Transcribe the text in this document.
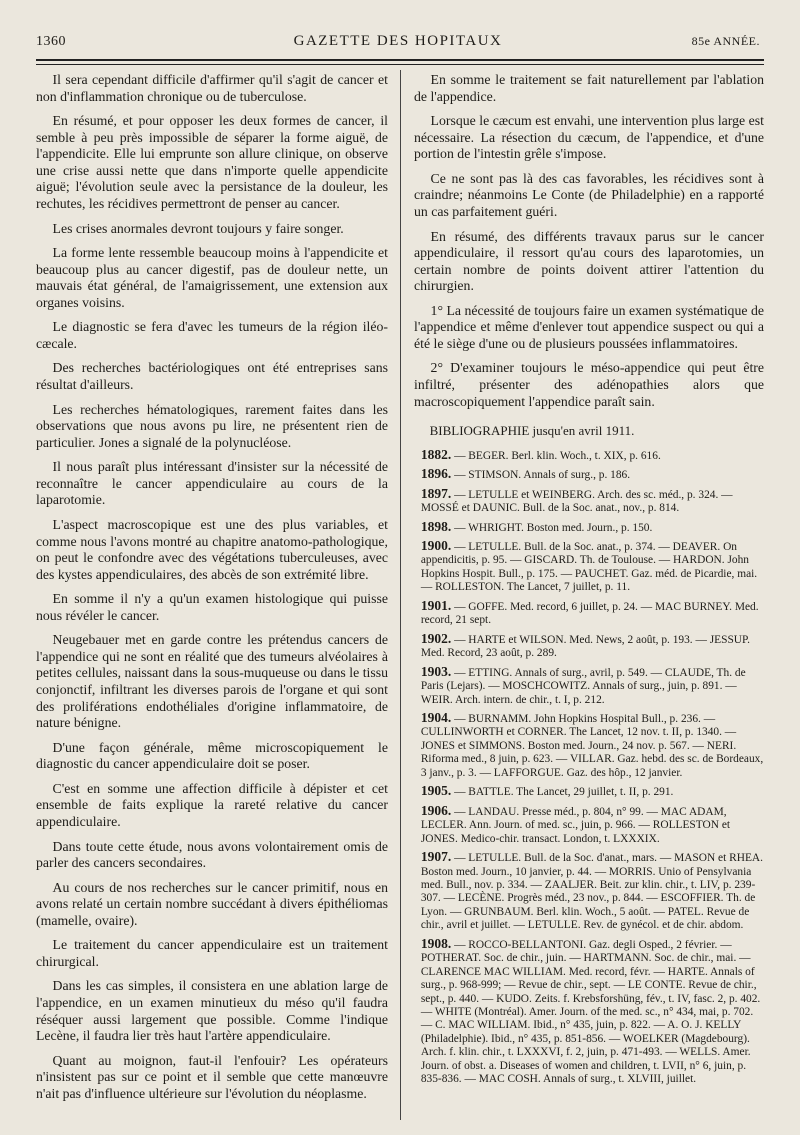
1360	GAZETTE DES HOPITAUX	85e ANNÉE.

Il sera cependant difficile d'affirmer qu'il s'agit de cancer et non d'inflammation chronique ou de tuberculose.

En résumé, et pour opposer les deux formes de cancer, il semble à peu près impossible de séparer la forme aiguë, de l'appendicite. Elle lui emprunte son allure clinique, on observe une crise aussi nette que dans n'importe quelle appendicite aiguë; l'évolution seule avec la persistance de la douleur, les rechutes, les récidives permettront de penser au cancer.

Les crises anormales devront toujours y faire songer.

La forme lente ressemble beaucoup moins à l'appendicite et beaucoup plus au cancer digestif, pas de douleur nette, un mauvais état général, de l'amaigrissement, une extension aux organes voisins.

Le diagnostic se fera d'avec les tumeurs de la région iléo-cæcale.

Des recherches bactériologiques ont été entreprises sans résultat d'ailleurs.

Les recherches hématologiques, rarement faites dans les observations que nous avons pu lire, ne présentent rien de particulier. Jones a signalé de la polynucléose.

Il nous paraît plus intéressant d'insister sur la nécessité de reconnaître le cancer appendiculaire au cours de la laparotomie.

L'aspect macroscopique est une des plus variables, et comme nous l'avons montré au chapitre anatomo-pathologique, on peut le confondre avec des végétations tuberculeuses, avec des kystes appendiculaires, des abcès de son extrémité libre.

En somme il n'y a qu'un examen histologique qui puisse nous révéler le cancer.

Neugebauer met en garde contre les prétendus cancers de l'appendice qui ne sont en réalité que des tumeurs alvéolaires à petites cellules, naissant dans la sous-muqueuse ou dans le tissu conjonctif, infiltrant les diverses parois de l'organe et qui sont des proliférations endothéliales d'origine inflammatoire, de nature bénigne.

D'une façon générale, même microscopiquement le diagnostic du cancer appendiculaire doit se poser.

C'est en somme une affection difficile à dépister et cet ensemble de faits explique la rareté relative du cancer appendiculaire.

Dans toute cette étude, nous avons volontairement omis de parler des cancers secondaires.

Au cours de nos recherches sur le cancer primitif, nous en avons relaté un certain nombre succédant à divers épithéliomas (mamelle, ovaire).

Le traitement du cancer appendiculaire est un traitement chirurgical.

Dans les cas simples, il consistera en une ablation large de l'appendice, en un examen minutieux du méso qu'il faudra réséquer aussi largement que possible. Comme l'indique Lecène, il faudra lier très haut l'artère appendiculaire.

Quant au moignon, faut-il l'enfouir? Les opérateurs n'insistent pas sur ce point et il semble que cette manœuvre n'ait pas d'influence ultérieure sur l'évolution du néoplasme.

En somme le traitement se fait naturellement par l'ablation de l'appendice.

Lorsque le cæcum est envahi, une intervention plus large est nécessaire. La résection du cæcum, de l'appendice, et d'une portion de l'intestin grêle s'impose.

Ce ne sont pas là des cas favorables, les récidives sont à craindre; néanmoins Le Conte (de Philadelphie) en a rapporté un cas parfaitement guéri.

En résumé, des différents travaux parus sur le cancer appendiculaire, il ressort qu'au cours des laparotomies, un certain nombre de points doivent attirer l'attention du chirurgien.

1° La nécessité de toujours faire un examen systématique de l'appendice et même d'enlever tout appendice suspect ou qui a été le siège d'une ou de plusieurs poussées inflammatoires.

2° D'examiner toujours le méso-appendice qui peut être infiltré, présenter des adénopathies alors que macroscopiquement l'appendice paraît sain.

BIBLIOGRAPHIE jusqu'en avril 1911.
1882. — BEGER. Berl. klin. Woch., t. XIX, p. 616.
1896. — STIMSON. Annals of surg., p. 186.
1897. — LETULLE et WEINBERG. Arch. des sc. méd., p. 324. — MOSSÉ et DAUNIC. Bull. de la Soc. anat., nov., p. 814.
1898. — WHRIGHT. Boston med. Journ., p. 150.
1900. — LETULLE. Bull. de la Soc. anat., p. 374. — DEAVER. On appendicitis, p. 95. — GISCARD. Th. de Toulouse. — HARDON. John Hopkins Hospit. Bull., p. 175. — PAUCHET. Gaz. méd. de Picardie, mai. — ROLLESTON. The Lancet, 7 juillet, p. 11.
1901. — GOFFE. Med. record, 6 juillet, p. 24. — MAC BURNEY. Med. record, 21 sept.
1902. — HARTE et WILSON. Med. News, 2 août, p. 193. — JESSUP. Med. Record, 23 août, p. 289.
1903. — ETTING. Annals of surg., avril, p. 549. — CLAUDE, Th. de Paris (Lejars). — MOSCHCOWITZ. Annals of surg., juin, p. 891. — WEIR. Arch. intern. de chir., t. I, p. 212.
1904. — BURNAMM. John Hopkins Hospital Bull., p. 236. — CULLINWORTH et CORNER. The Lancet, 12 nov. t. II, p. 1340. — JONES et SIMMONS. Boston med. Journ., 24 nov. p. 567. — NERI. Riforma med., 8 juin, p. 623. — VILLAR. Gaz. hebd. des sc. de Bordeaux, 3 janv., p. 3. — LAFFORGUE. Gaz. des hôp., 12 janvier.
1905. — BATTLE. The Lancet, 29 juillet, t. II, p. 291.
1906. — LANDAU. Presse méd., p. 804, n° 99. — MAC ADAM, LECLER. Ann. Journ. of med. sc., juin, p. 966. — ROLLESTON et JONES. Medico-chir. transact. London, t. LXXXIX.
1907. — LETULLE. Bull. de la Soc. d'anat., mars. — MASON et RHEA. Boston med. Journ., 10 janvier, p. 44. — MORRIS. Unio of Pensylvania med. Bull., nov. p. 334. — ZAALJER. Beit. zur klin. chir., t. LIV, p. 239-307. — LECÈNE. Progrès méd., 23 nov., p. 844. — ESCOFFIER. Th. de Lyon. — GRUNBAUM. Berl. klin. Woch., 5 août. — PATEL. Revue de chir., avril et juillet. — LETULLE. Rev. de gynécol. et de chir. abdom.
1908. — ROCCO-BELLANTONI. Gaz. degli Osped., 2 février. — POTHERAT. Soc. de chir., juin. — HARTMANN. Soc. de chir., mai. — CLARENCE MAC WILLIAM. Med. record, févr. — HARTE. Annals of surg., p. 968-999; — Revue de chir., sept. — LE CONTE. Revue de chir., sept., p. 440. — KUDO. Zeits. f. Krebsforshüng, fév., t. IV, fasc. 2, p. 402. — WHITE (Montréal). Amer. Journ. of the med. sc., n° 434, mai, p. 702. — C. MAC WILLIAM. Ibid., n° 435, juin, p. 822. — A. O. J. KELLY (Philadelphie). Ibid., n° 435, p. 851-856. — WOELKER (Magdebourg). Arch. f. klin. chir., t. LXXXVI, f. 2, juin, p. 471-493. — WELLS. Amer. Journ. of obst. a. Diseases of women and children, t. LVII, n° 6, juin, p. 835-836. — MAC COSH. Annals of surg., t. XLVIII, juillet.
